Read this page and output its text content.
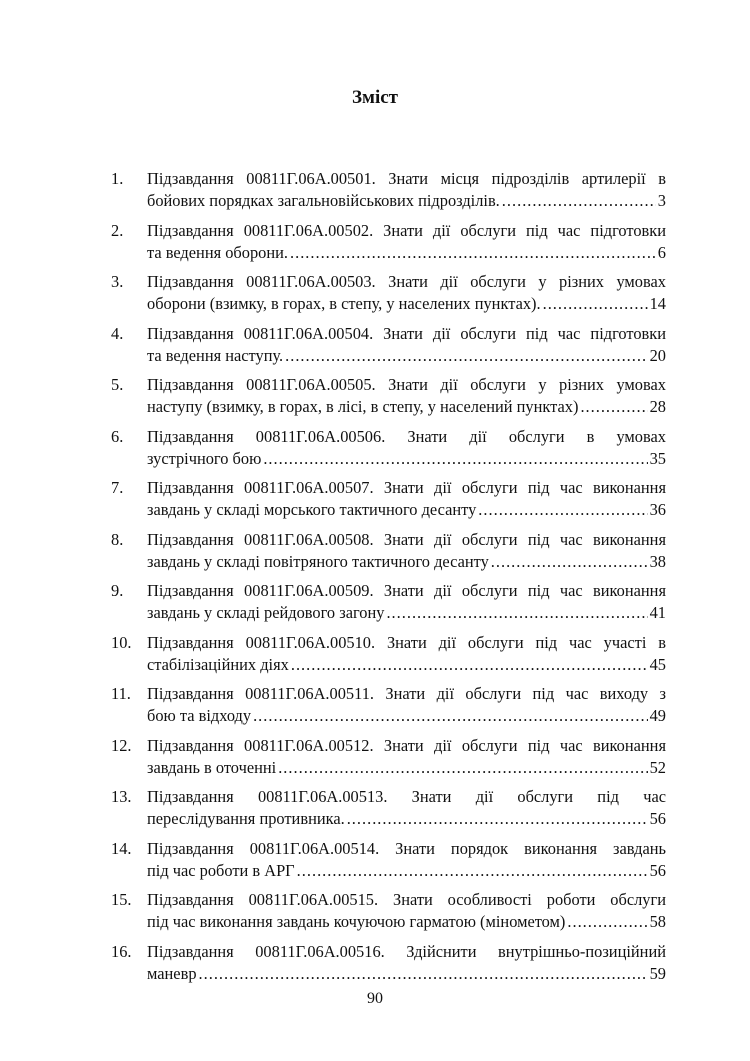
Зміст
1.	Підзавдання 00811Г.06А.00501. Знати місця підрозділів артилерії в
бойових порядках загальновійськових підрозділів. .....	3
2.	Підзавдання 00811Г.06А.00502. Знати дії обслуги під час підготовки
та ведення оборони. .....	6
3.	Підзавдання 00811Г.06А.00503. Знати дії обслуги у різних умовах
оборони (взимку, в горах, в степу, у населених пунктах). .....	14
4.	Підзавдання 00811Г.06А.00504. Знати дії обслуги під час підготовки
та ведення наступу. .....	20
5.	Підзавдання 00811Г.06А.00505. Знати дії обслуги у різних умовах
наступу (взимку, в горах, в лісі, в степу, у населений пунктах) .....	28
6.	Підзавдання 00811Г.06А.00506. Знати дії обслуги в умовах
зустрічного бою .....	35
7.	Підзавдання 00811Г.06А.00507. Знати дії обслуги під час виконання
завдань у складі морського тактичного десанту .....	36
8.	Підзавдання 00811Г.06А.00508. Знати дії обслуги під час виконання
завдань у складі повітряного тактичного десанту .....	38
9.	Підзавдання 00811Г.06А.00509. Знати дії обслуги під час виконання
завдань у складі рейдового загону .....	41
10. Підзавдання 00811Г.06А.00510. Знати дії обслуги під час участі в
стабілізаційних діях .....	45
11. Підзавдання 00811Г.06А.00511. Знати дії обслуги під час виходу з
бою та відходу .....	49
12. Підзавдання 00811Г.06А.00512. Знати дії обслуги під час виконання
завдань в оточенні .....	52
13. Підзавдання 00811Г.06А.00513. Знати дії обслуги під час
переслідування противника. .....	56
14. Підзавдання 00811Г.06А.00514. Знати порядок виконання завдань
під час роботи в АРГ .....	56
15. Підзавдання 00811Г.06А.00515. Знати особливості роботи обслуги
під час виконання завдань кочуючою гарматою (мінометом) .....	58
16. Підзавдання 00811Г.06А.00516. Здійснити внутрішньо-позиційний
маневр .....	59
90
